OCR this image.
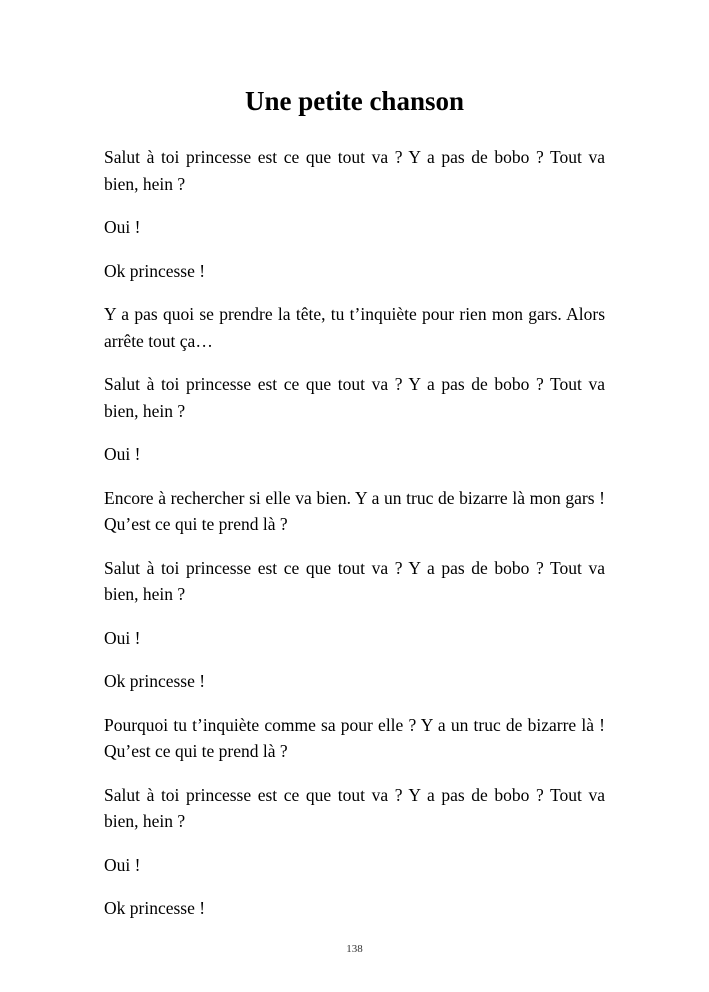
Une petite chanson

Salut à toi princesse est ce que tout va ? Y a pas de bobo ? Tout va bien, hein ?

Oui !

Ok princesse !

Y a pas quoi se prendre la tête, tu t’inquiète pour rien mon gars. Alors arrête tout ça…

Salut à toi princesse est ce que tout va ? Y a pas de bobo ? Tout va bien, hein ?

Oui !

Encore à rechercher si elle va bien. Y a un truc de bizarre là mon gars ! Qu’est ce qui te prend là ?

Salut à toi princesse est ce que tout va ? Y a pas de bobo ? Tout va bien, hein ?

Oui !

Ok princesse !

Pourquoi tu t’inquiète comme sa pour elle ? Y a un truc de bizarre là ! Qu’est ce qui te prend là ?

Salut à toi princesse est ce que tout va ? Y a pas de bobo ? Tout va bien, hein ?

Oui !

Ok princesse !

138
